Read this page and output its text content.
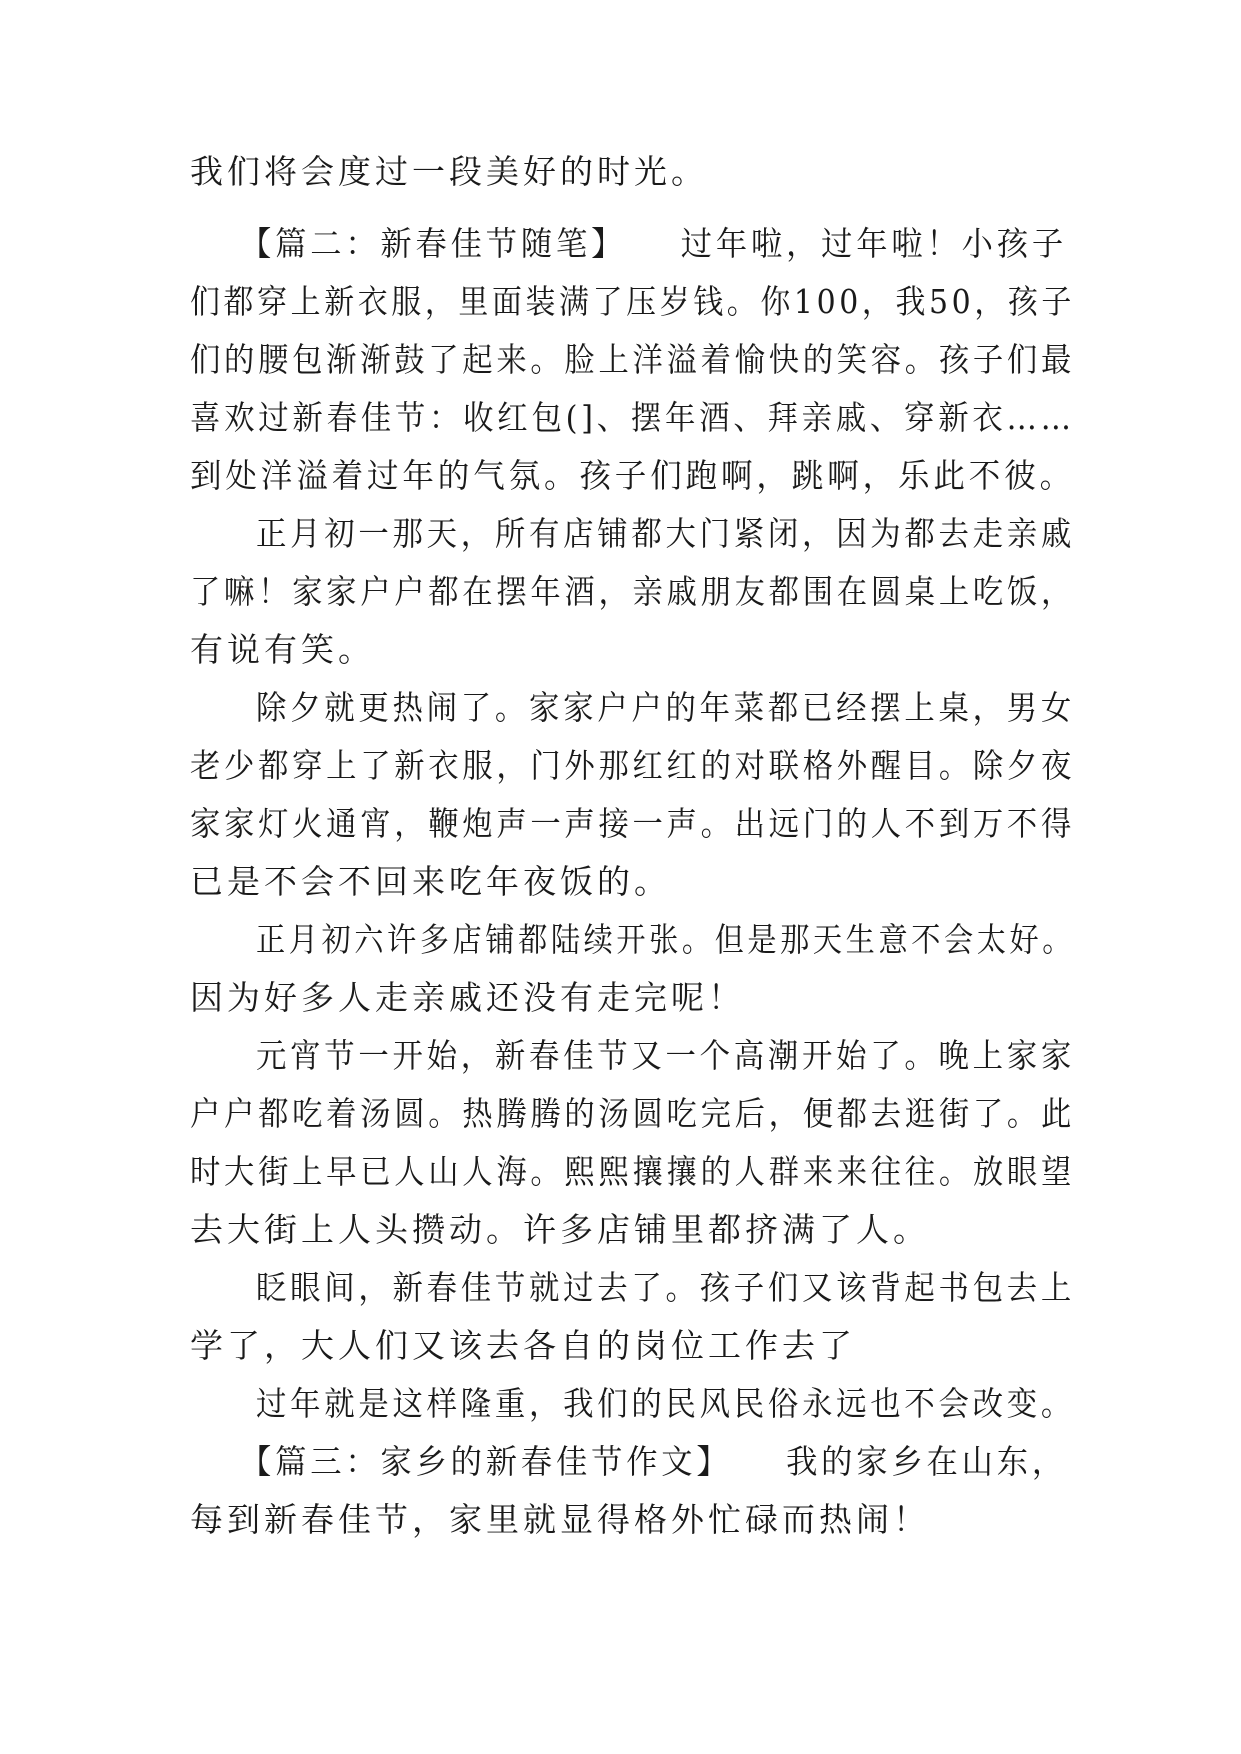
我们将会度过一段美好的时光。
【篇二：新春佳节随笔】　　过年啦，过年啦！小孩子
们都穿上新衣服，里面装满了压岁钱。你100，我50，孩子
们的腰包渐渐鼓了起来。脸上洋溢着愉快的笑容。孩子们最
喜欢过新春佳节：收红包(]、摆年酒、拜亲戚、穿新衣……
到处洋溢着过年的气氛。孩子们跑啊，跳啊，乐此不彼。
正月初一那天，所有店铺都大门紧闭，因为都去走亲戚
了嘛！家家户户都在摆年酒，亲戚朋友都围在圆桌上吃饭，
有说有笑。
除夕就更热闹了。家家户户的年菜都已经摆上桌，男女
老少都穿上了新衣服，门外那红红的对联格外醒目。除夕夜
家家灯火通宵，鞭炮声一声接一声。出远门的人不到万不得
已是不会不回来吃年夜饭的。
正月初六许多店铺都陆续开张。但是那天生意不会太好。
因为好多人走亲戚还没有走完呢！
元宵节一开始，新春佳节又一个高潮开始了。晚上家家
户户都吃着汤圆。热腾腾的汤圆吃完后，便都去逛街了。此
时大街上早已人山人海。熙熙攘攘的人群来来往往。放眼望
去大街上人头攒动。许多店铺里都挤满了人。
眨眼间，新春佳节就过去了。孩子们又该背起书包去上
学了，大人们又该去各自的岗位工作去了
过年就是这样隆重，我们的民风民俗永远也不会改变。
【篇三：家乡的新春佳节作文】　　我的家乡在山东，
每到新春佳节，家里就显得格外忙碌而热闹！
